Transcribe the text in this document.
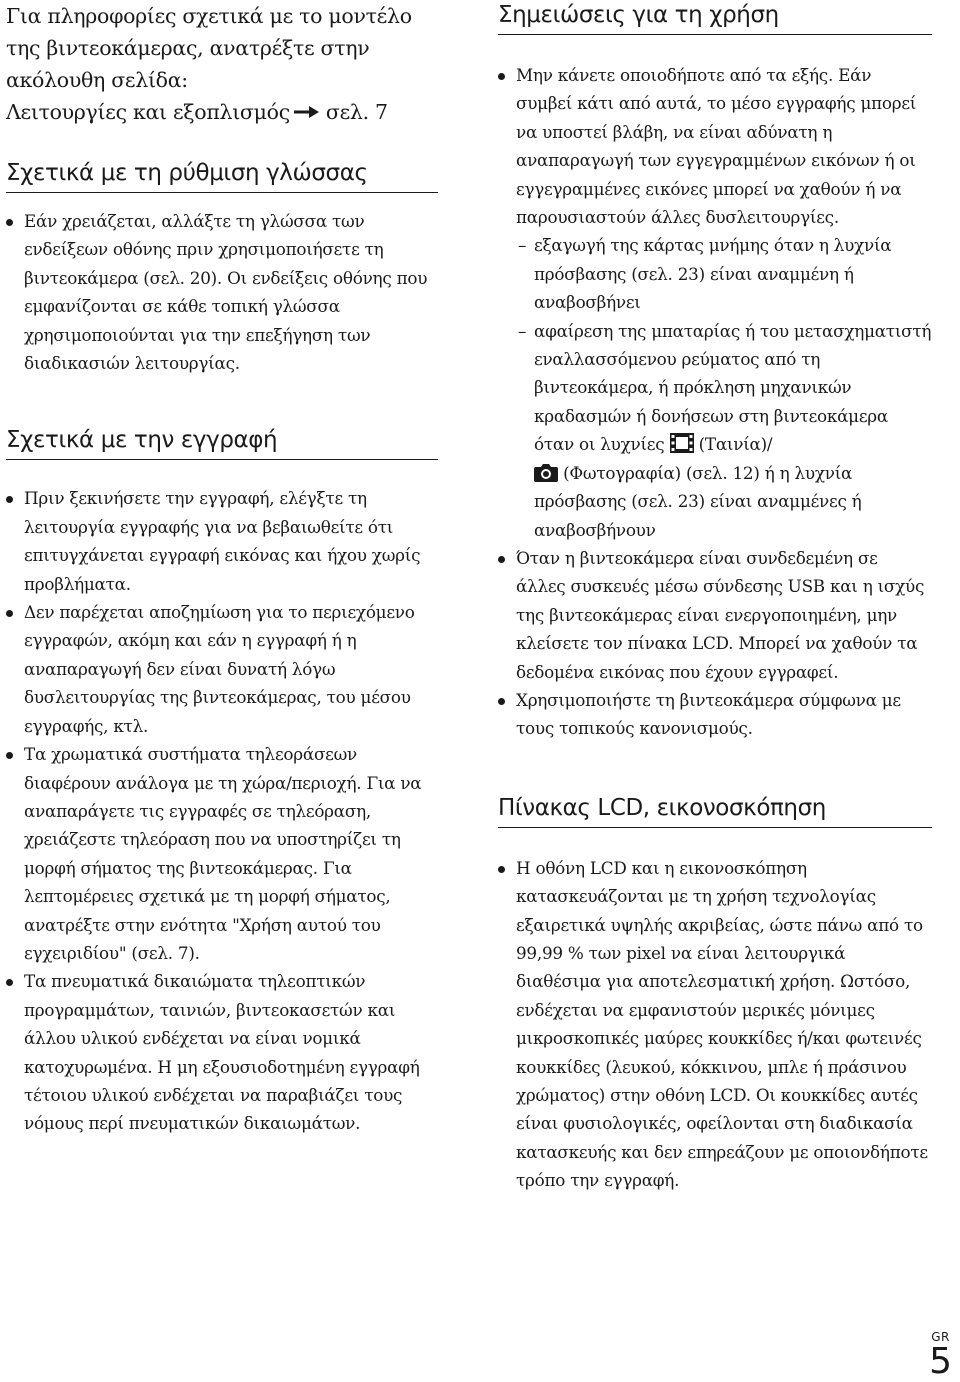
Για πληροφορίες σχετικά με το μοντέλο της βιντεοκάμερας, ανατρέξτε στην ακόλουθη σελίδα:
Λειτουργίες και εξοπλισμός σελ. 7

Σχετικά με τη ρύθμιση γλώσσας
Εάν χρειάζεται, αλλάξτε τη γλώσσα των ενδείξεων οθόνης πριν χρησιμοποιήσετε τη βιντεοκάμερα (σελ. 20). Οι ενδείξεις οθόνης που εμφανίζονται σε κάθε τοπική γλώσσα χρησιμοποιούνται για την επεξήγηση των διαδικασιών λειτουργίας.
Σχετικά με την εγγραφή
Πριν ξεκινήσετε την εγγραφή, ελέγξτε τη λειτουργία εγγραφής για να βεβαιωθείτε ότι επιτυγχάνεται εγγραφή εικόνας και ήχου χωρίς προβλήματα.
Δεν παρέχεται αποζημίωση για το περιεχόμενο εγγραφών, ακόμη και εάν η εγγραφή ή η αναπαραγωγή δεν είναι δυνατή λόγω δυσλειτουργίας της βιντεοκάμερας, του μέσου εγγραφής, κτλ.
Τα χρωματικά συστήματα τηλεοράσεων διαφέρουν ανάλογα με τη χώρα/περιοχή. Για να αναπαράγετε τις εγγραφές σε τηλεόραση, χρειάζεστε τηλεόραση που να υποστηρίζει τη μορφή σήματος της βιντεοκάμερας. Για λεπτομέρειες σχετικά με τη μορφή σήματος, ανατρέξτε στην ενότητα "Χρήση αυτού του εγχειριδίου" (σελ. 7).
Τα πνευματικά δικαιώματα τηλεοπτικών προγραμμάτων, ταινιών, βιντεοκασετών και άλλου υλικού ενδέχεται να είναι νομικά κατοχυρωμένα. Η μη εξουσιοδοτημένη εγγραφή τέτοιου υλικού ενδέχεται να παραβιάζει τους νόμους περί πνευματικών δικαιωμάτων.
Σημειώσεις για τη χρήση
Μην κάνετε οποιοδήποτε από τα εξής. Εάν συμβεί κάτι από αυτά, το μέσο εγγραφής μπορεί να υποστεί βλάβη, να είναι αδύνατη η αναπαραγωγή των εγγεγραμμένων εικόνων ή οι εγγεγραμμένες εικόνες μπορεί να χαθούν ή να παρουσιαστούν άλλες δυσλειτουργίες.
– εξαγωγή της κάρτας μνήμης όταν η λυχνία πρόσβασης (σελ. 23) είναι αναμμένη ή αναβοσβήνει
– αφαίρεση της μπαταρίας ή του μετασχηματιστή εναλλασσόμενου ρεύματος από τη βιντεοκάμερα, ή πρόκληση μηχανικών κραδασμών ή δονήσεων στη βιντεοκάμερα όταν οι λυχνίες (Ταινία)/
(Φωτογραφία) (σελ. 12) ή η λυχνία πρόσβασης (σελ. 23) είναι αναμμένες ή αναβοσβήνουν
Όταν η βιντεοκάμερα είναι συνδεδεμένη σε άλλες συσκευές μέσω σύνδεσης USB και η ισχύς της βιντεοκάμερας είναι ενεργοποιημένη, μην κλείσετε τον πίνακα LCD. Μπορεί να χαθούν τα δεδομένα εικόνας που έχουν εγγραφεί.
Χρησιμοποιήστε τη βιντεοκάμερα σύμφωνα με τους τοπικούς κανονισμούς.
Πίνακας LCD, εικονοσκόπηση
Η οθόνη LCD και η εικονοσκόπηση κατασκευάζονται με τη χρήση τεχνολογίας εξαιρετικά υψηλής ακριβείας, ώστε πάνω από το 99,99 % των pixel να είναι λειτουργικά διαθέσιμα για αποτελεσματική χρήση. Ωστόσο, ενδέχεται να εμφανιστούν μερικές μόνιμες μικροσκοπικές μαύρες κουκκίδες ή/και φωτεινές κουκκίδες (λευκού, κόκκινου, μπλε ή πράσινου χρώματος) στην οθόνη LCD. Οι κουκκίδες αυτές είναι φυσιολογικές, οφείλονται στη διαδικασία κατασκευής και δεν επηρεάζουν με οποιονδήποτε τρόπο την εγγραφή.
GR
5
